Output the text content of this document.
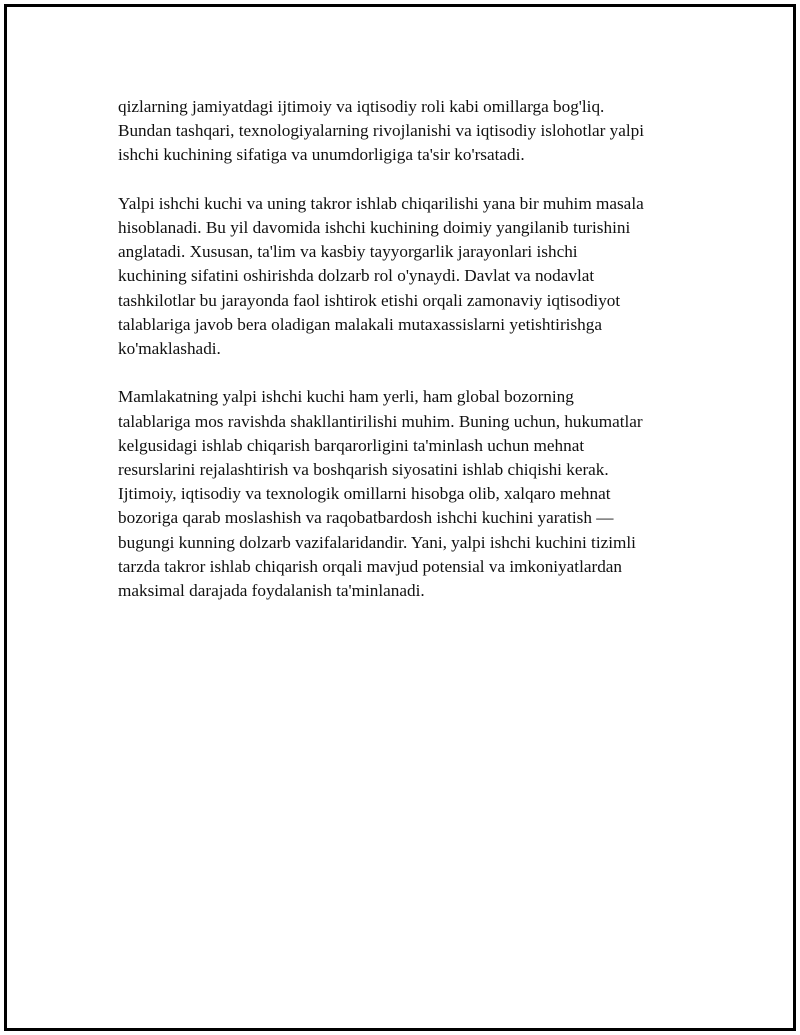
qizlarning jamiyatdagi ijtimoiy va iqtisodiy roli kabi omillarga bog'liq.
Bundan tashqari, texnologiyalarning rivojlanishi va iqtisodiy islohotlar yalpi
ishchi kuchining sifatiga va unumdorligiga ta'sir ko'rsatadi.

Yalpi ishchi kuchi va uning takror ishlab chiqarilishi yana bir muhim masala
hisoblanadi. Bu yil davomida ishchi kuchining doimiy yangilanib turishini
anglatadi. Xususan, ta'lim va kasbiy tayyorgarlik jarayonlari ishchi
kuchining sifatini oshirishda dolzarb rol o'ynaydi. Davlat va nodavlat
tashkilotlar bu jarayonda faol ishtirok etishi orqali zamonaviy iqtisodiyot
talablariga javob bera oladigan malakali mutaxassislarni yetishtirishga
ko'maklashadi.

Mamlakatning yalpi ishchi kuchi ham yerli, ham global bozorning
talablariga mos ravishda shakllantirilishi muhim. Buning uchun, hukumatlar
kelgusidagi ishlab chiqarish barqarorligini ta'minlash uchun mehnat
resurslarini rejalashtirish va boshqarish siyosatini ishlab chiqishi kerak.
Ijtimoiy, iqtisodiy va texnologik omillarni hisobga olib, xalqaro mehnat
bozoriga qarab moslashish va raqobatbardosh ishchi kuchini yaratish —
bugungi kunning dolzarb vazifalaridandir. Yani, yalpi ishchi kuchini tizimli
tarzda takror ishlab chiqarish orqali mavjud potensial va imkoniyatlardan
maksimal darajada foydalanish ta'minlanadi.
